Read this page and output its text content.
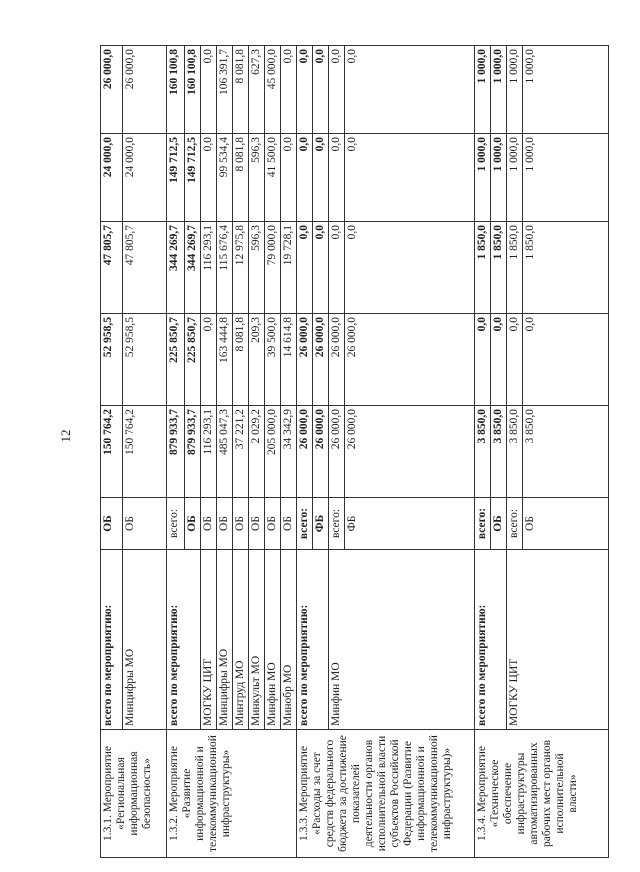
12
1.3.1. Мероприятие «Региональная информационная безопасность»	всего по мероприятию:	ОБ	150 764,2	52 958,5	47 805,7	24 000,0	26 000,0
	Минцифры МО	ОБ	150 764,2	52 958,5	47 805,7	24 000,0	26 000,0
1.3.2. Мероприятие «Развитие информационной и телекоммуникационной инфраструктуры»	всего по мероприятию:	всего:	879 933,7	225 850,7	344 269,7	149 712,5	160 100,8
		ОБ	879 933,7	225 850,7	344 269,7	149 712,5	160 100,8
	МОГКУ ЦИТ	ОБ	116 293,1	0,0	116 293,1	0,0	0,0
	Минцифры МО	ОБ	485 047,3	163 444,8	115 676,4	99 534,4	106 391,7
	Минтруд МО	ОБ	37 221,2	8 081,8	12 975,8	8 081,8	8 081,8
	Минкульт МО	ОБ	2 029,2	209,3	596,3	596,3	627,3
	Минфин МО	ОБ	205 000,0	39 500,0	79 000,0	41 500,0	45 000,0
	Минобр МО	ОБ	34 342,9	14 614,8	19 728,1	0,0	0,0
1.3.3. Мероприятие «Расходы за счет средств федерального бюджета за достижение показателей деятельности органов исполнительной власти субъектов Российской Федерации (Развитие информационной и телекоммуникационной инфраструктуры)»	всего по мероприятию:	всего:	26 000,0	26 000,0	0,0	0,0	0,0
		ФБ	26 000,0	26 000,0	0,0	0,0	0,0
	Минфин МО	всего:	26 000,0	26 000,0	0,0	0,0	0,0
		ФБ	26 000,0	26 000,0	0,0	0,0	0,0
1.3.4. Мероприятие «Техническое обеспечение инфраструктуры автоматизированных рабочих мест органов исполнительной власти»	всего по мероприятию:	всего:	3 850,0	0,0	1 850,0	1 000,0	1 000,0
		ОБ	3 850,0	0,0	1 850,0	1 000,0	1 000,0
	МОГКУ ЦИТ	всего:	3 850,0	0,0	1 850,0	1 000,0	1 000,0
		ОБ	3 850,0	0,0	1 850,0	1 000,0	1 000,0
